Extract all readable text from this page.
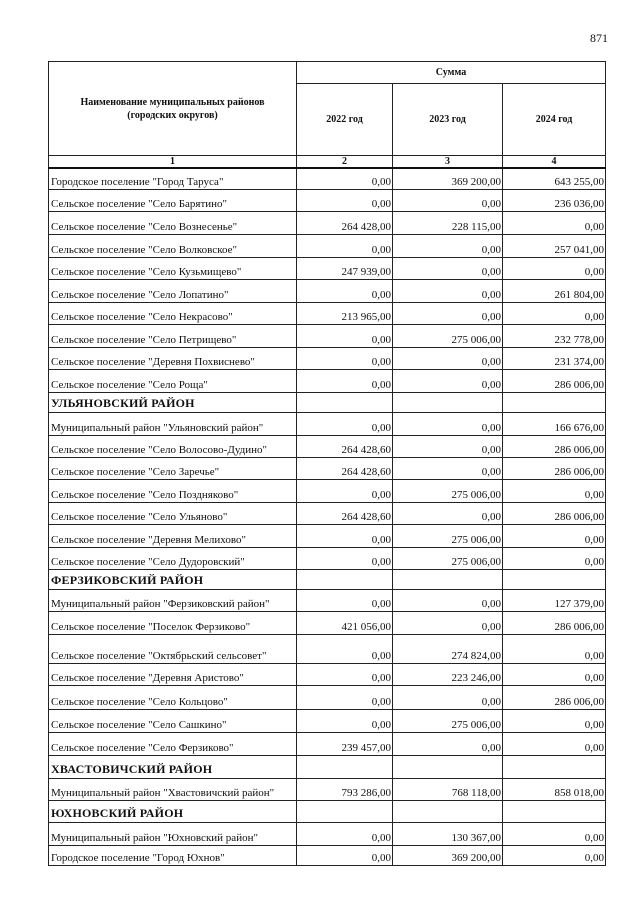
871
Наименование муниципальных районов (городских округов)	Сумма		
	2022 год	2023 год	2024 год
1	2	3	4
Городское поселение "Город Таруса"	0,00	369 200,00	643 255,00
Сельское поселение "Село Барятино"	0,00	0,00	236 036,00
Сельское поселение "Село Вознесенье"	264 428,00	228 115,00	0,00
Сельское поселение "Село Волковское"	0,00	0,00	257 041,00
Сельское поселение "Село Кузьмищево"	247 939,00	0,00	0,00
Сельское поселение "Село Лопатино"	0,00	0,00	261 804,00
Сельское поселение "Село Некрасово"	213 965,00	0,00	0,00
Сельское поселение "Село Петрищево"	0,00	275 006,00	232 778,00
Сельское поселение "Деревня Похвиснево"	0,00	0,00	231 374,00
Сельское поселение "Село Роща"	0,00	0,00	286 006,00
УЛЬЯНОВСКИЙ РАЙОН			
Муниципальный район "Ульяновский район"	0,00	0,00	166 676,00
Сельское поселение "Село Волосово-Дудино"	264 428,60	0,00	286 006,00
Сельское поселение "Село Заречье"	264 428,60	0,00	286 006,00
Сельское поселение "Село Поздняково"	0,00	275 006,00	0,00
Сельское поселение "Село Ульяново"	264 428,60	0,00	286 006,00
Сельское поселение "Деревня Мелихово"	0,00	275 006,00	0,00
Сельское поселение "Село Дудоровский"	0,00	275 006,00	0,00
ФЕРЗИКОВСКИЙ РАЙОН			
Муниципальный район "Ферзиковский район"	0,00	0,00	127 379,00
Сельское поселение "Поселок Ферзиково"	421 056,00	0,00	286 006,00
Сельское поселение "Октябрьский сельсовет"	0,00	274 824,00	0,00
Сельское поселение "Деревня Аристово"	0,00	223 246,00	0,00
Сельское поселение "Село Кольцово"	0,00	0,00	286 006,00
Сельское поселение "Село Сашкино"	0,00	275 006,00	0,00
Сельское поселение "Село Ферзиково"	239 457,00	0,00	0,00
ХВАСТОВИЧСКИЙ РАЙОН			
Муниципальный район "Хвастовичский район"	793 286,00	768 118,00	858 018,00
ЮХНОВСКИЙ РАЙОН			
Муниципальный район "Юхновский район"	0,00	130 367,00	0,00
Городское поселение "Город Юхнов"	0,00	369 200,00	0,00
